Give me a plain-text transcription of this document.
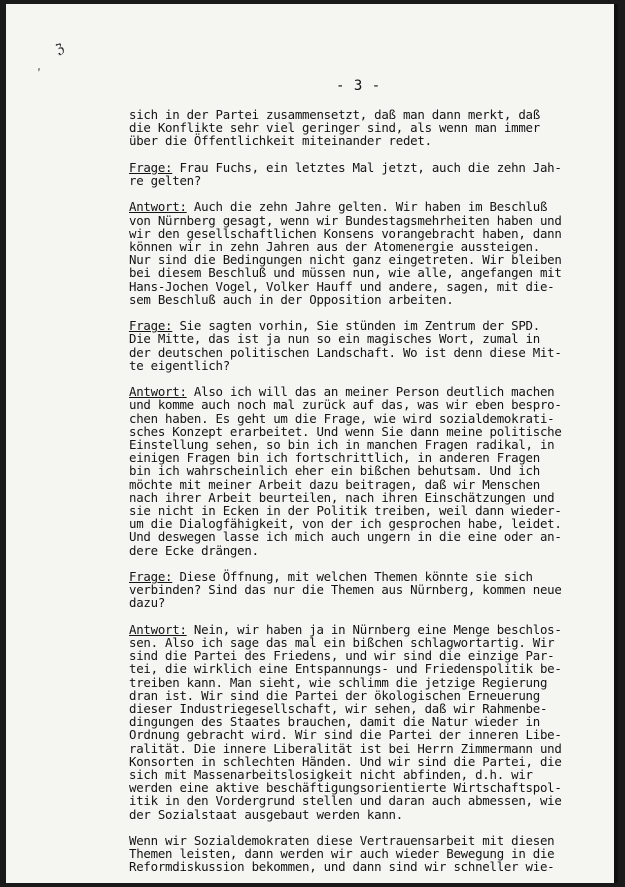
ℨ
′
- 3 -
sich in der Partei zusammensetzt, daß man dann merkt, daß
die Konflikte sehr viel geringer sind, als wenn man immer
über die Öffentlichkeit miteinander redet.
Frage: Frau Fuchs, ein letztes Mal jetzt, auch die zehn Jah-
re gelten?
Antwort: Auch die zehn Jahre gelten. Wir haben im Beschluß
von Nürnberg gesagt, wenn wir Bundestagsmehrheiten haben und
wir den gesellschaftlichen Konsens vorangebracht haben, dann
können wir in zehn Jahren aus der Atomenergie aussteigen.
Nur sind die Bedingungen nicht ganz eingetreten. Wir bleiben
bei diesem Beschluß und müssen nun, wie alle, angefangen mit
Hans-Jochen Vogel, Volker Hauff und andere, sagen, mit die-
sem Beschluß auch in der Opposition arbeiten.
Frage: Sie sagten vorhin, Sie stünden im Zentrum der SPD.
Die Mitte, das ist ja nun so ein magisches Wort, zumal in
der deutschen politischen Landschaft. Wo ist denn diese Mit-
te eigentlich?
Antwort: Also ich will das an meiner Person deutlich machen
und komme auch noch mal zurück auf das, was wir eben bespro-
chen haben. Es geht um die Frage, wie wird sozialdemokrati-
sches Konzept erarbeitet. Und wenn Sie dann meine politische
Einstellung sehen, so bin ich in manchen Fragen radikal, in
einigen Fragen bin ich fortschrittlich, in anderen Fragen
bin ich wahrscheinlich eher ein bißchen behutsam. Und ich
möchte mit meiner Arbeit dazu beitragen, daß wir Menschen
nach ihrer Arbeit beurteilen, nach ihren Einschätzungen und
sie nicht in Ecken in der Politik treiben, weil dann wieder-
um die Dialogfähigkeit, von der ich gesprochen habe, leidet.
Und deswegen lasse ich mich auch ungern in die eine oder an-
dere Ecke drängen.
Frage: Diese Öffnung, mit welchen Themen könnte sie sich
verbinden? Sind das nur die Themen aus Nürnberg, kommen neue
dazu?
Antwort: Nein, wir haben ja in Nürnberg eine Menge beschlos-
sen. Also ich sage das mal ein bißchen schlagwortartig. Wir
sind die Partei des Friedens, und wir sind die einzige Par-
tei, die wirklich eine Entspannungs- und Friedenspolitik be-
treiben kann. Man sieht, wie schlimm die jetzige Regierung
dran ist. Wir sind die Partei der ökologischen Erneuerung
dieser Industriegesellschaft, wir sehen, daß wir Rahmenbe-
dingungen des Staates brauchen, damit die Natur wieder in
Ordnung gebracht wird. Wir sind die Partei der inneren Libe-
ralität. Die innere Liberalität ist bei Herrn Zimmermann und
Konsorten in schlechten Händen. Und wir sind die Partei, die
sich mit Massenarbeitslosigkeit nicht abfinden, d.h. wir
werden eine aktive beschäftigungsorientierte Wirtschaftspol-
itik in den Vordergrund stellen und daran auch abmessen, wie
der Sozialstaat ausgebaut werden kann.
Wenn wir Sozialdemokraten diese Vertrauensarbeit mit diesen
Themen leisten, dann werden wir auch wieder Bewegung in die
Reformdiskussion bekommen, und dann sind wir schneller wie-
